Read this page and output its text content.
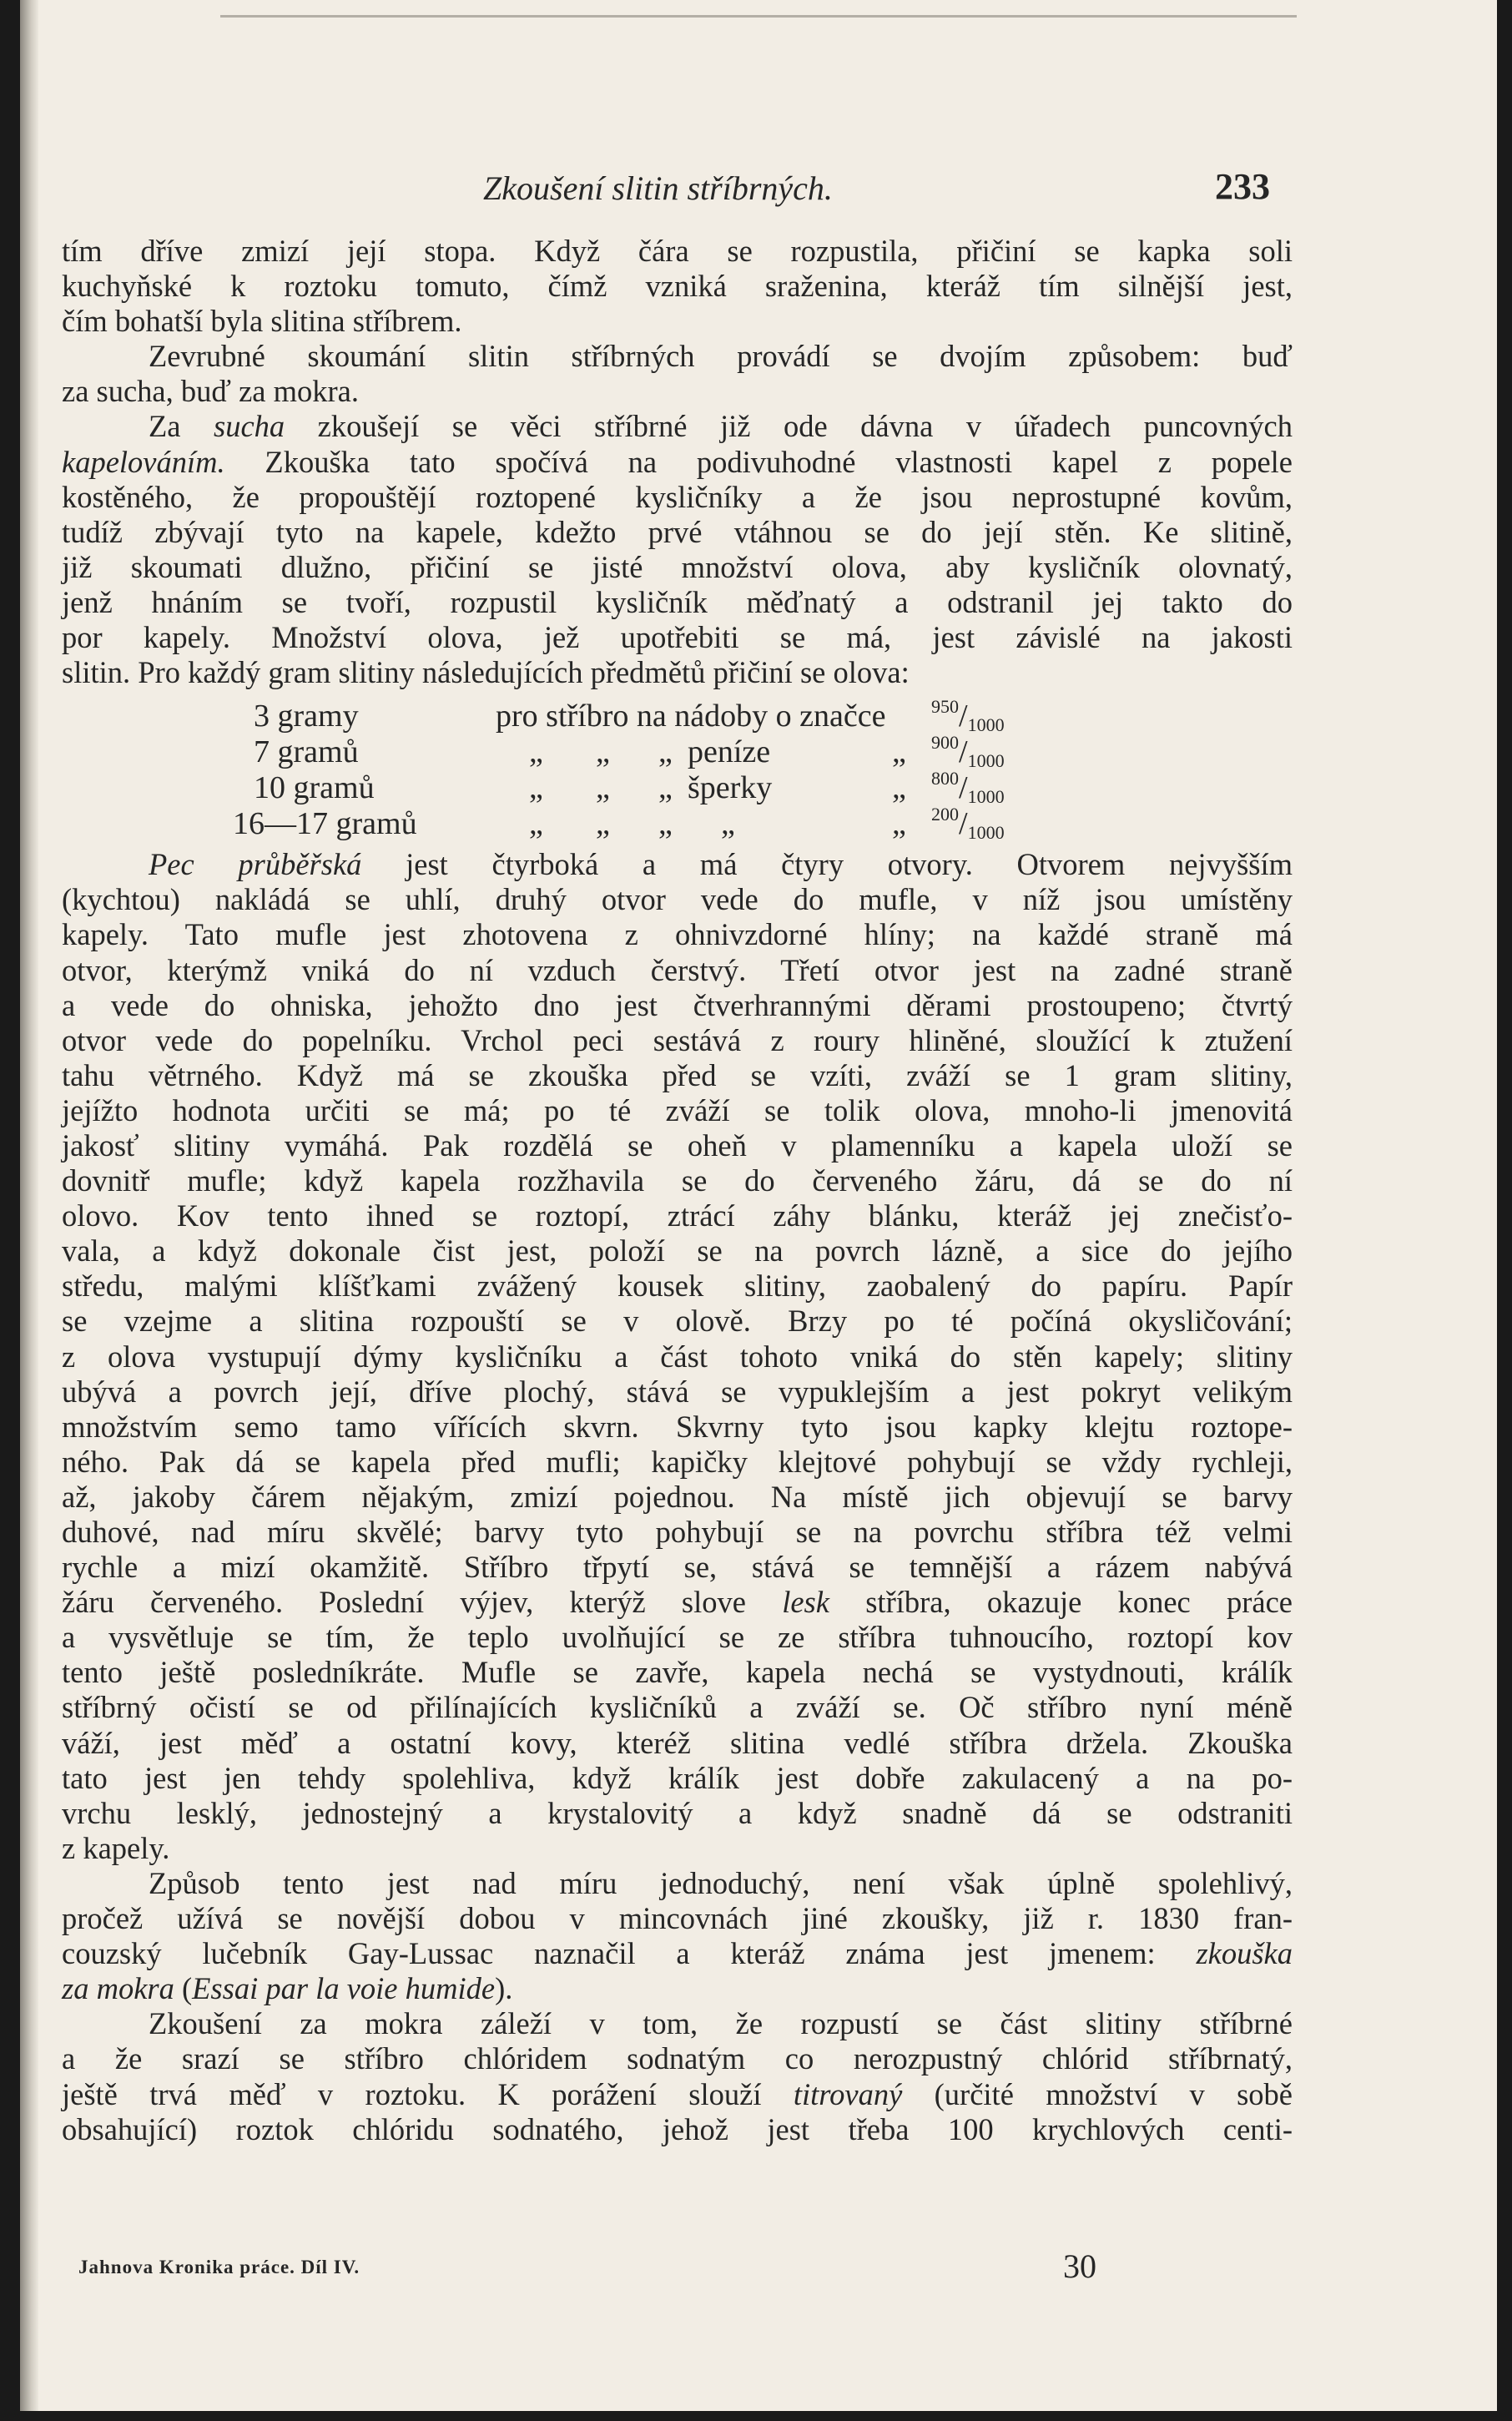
Zkoušení slitin stříbrných.	233
tím dříve zmizí její stopa. Když čára se rozpustila, přičiní se kapka soli
kuchyňské k roztoku tomuto, čímž vzniká sraženina, kteráž tím silnější jest,
čím bohatší byla slitina stříbrem.
Zevrubné skoumání slitin stříbrných provádí se dvojím způsobem: buď
za sucha, buď za mokra.
Za sucha zkoušejí se věci stříbrné již ode dávna v úřadech puncovných
kapelováním. Zkouška tato spočívá na podivuhodné vlastnosti kapel z popele
kostěného, že propouštějí roztopené kysličníky a že jsou neprostupné kovům,
tudíž zbývají tyto na kapele, kdežto prvé vtáhnou se do její stěn. Ke slitině,
již skoumati dlužno, přičiní se jisté množství olova, aby kysličník olovnatý,
jenž hnáním se tvoří, rozpustil kysličník měďnatý a odstranil jej takto do
por kapely. Množství olova, jež upotřebiti se má, jest závislé na jakosti
slitin. Pro každý gram slitiny následujících předmětů přičiní se olova:
3 gramy	pro stříbro na nádoby o značce $^{950}$/1000
7 gramů	„ „ „ peníze	„ $^{900}$/1000
10 gramů	„ „ „ šperky	„ $^{800}$/1000
16—17 gramů	„ „ „ „	„ $^{200}$/1000
Pec průběřská jest čtyrboká a má čtyry otvory. Otvorem nejvyšším
(kychtou) nakládá se uhlí, druhý otvor vede do mufle, v níž jsou umístěny
kapely. Tato mufle jest zhotovena z ohnivzdorné hlíny; na každé straně má
otvor, kterýmž vniká do ní vzduch čerstvý. Třetí otvor jest na zadné straně
a vede do ohniska, jehožto dno jest čtverhrannými děrami prostoupeno; čtvrtý
otvor vede do popelníku. Vrchol peci sestává z roury hliněné, sloužící k ztužení
tahu větrného. Když má se zkouška před se vzíti, zváží se 1 gram slitiny,
jejížto hodnota určiti se má; po té zváží se tolik olova, mnoho-li jmenovitá
jakosť slitiny vymáhá. Pak rozdělá se oheň v plamenníku a kapela uloží se
dovnitř mufle; když kapela rozžhavila se do červeného žáru, dá se do ní
olovo. Kov tento ihned se roztopí, ztrácí záhy blánku, kteráž jej znečisťo-
vala, a když dokonale čist jest, položí se na povrch lázně, a sice do jejího
středu, malými klíšťkami zvážený kousek slitiny, zaobalený do papíru. Papír
se vzejme a slitina rozpouští se v olově. Brzy po té počíná okysličování;
z olova vystupují dýmy kysličníku a část tohoto vniká do stěn kapely; slitiny
ubývá a povrch její, dříve plochý, stává se vypuklejším a jest pokryt velikým
množstvím semo tamo vířících skvrn. Skvrny tyto jsou kapky klejtu roztope-
ného. Pak dá se kapela před mufli; kapičky klejtové pohybují se vždy rychleji,
až, jakoby čárem nějakým, zmizí pojednou. Na místě jich objevují se barvy
duhové, nad míru skvělé; barvy tyto pohybují se na povrchu stříbra též velmi
rychle a mizí okamžitě. Stříbro třpytí se, stává se temnější a rázem nabývá
žáru červeného. Poslední výjev, kterýž slove lesk stříbra, okazuje konec práce
a vysvětluje se tím, že teplo uvolňující se ze stříbra tuhnoucího, roztopí kov
tento ještě posledníkráte. Mufle se zavře, kapela nechá se vystydnouti, králík
stříbrný očistí se od přilínajících kysličníků a zváží se. Oč stříbro nyní méně
váží, jest měď a ostatní kovy, kteréž slitina vedlé stříbra držela. Zkouška
tato jest jen tehdy spolehliva, když králík jest dobře zakulacený a na po-
vrchu lesklý, jednostejný a krystalovitý a když snadně dá se odstraniti
z kapely.
Způsob tento jest nad míru jednoduchý, není však úplně spolehlivý,
pročež užívá se novější dobou v mincovnách jiné zkoušky, již r. 1830 fran-
couzský lučebník Gay-Lussac naznačil a kteráž známa jest jmenem: zkouška
za mokra (Essai par la voie humide).
Zkoušení za mokra záleží v tom, že rozpustí se část slitiny stříbrné
a že srazí se stříbro chlóridem sodnatým co nerozpustný chlórid stříbrnatý,
ještě trvá měď v roztoku. K porážení slouží titrovaný (určité množství v sobě
obsahující) roztok chlóridu sodnatého, jehož jest třeba 100 krychlových centi-
Jahnova Kronika práce. Díl IV.	30
